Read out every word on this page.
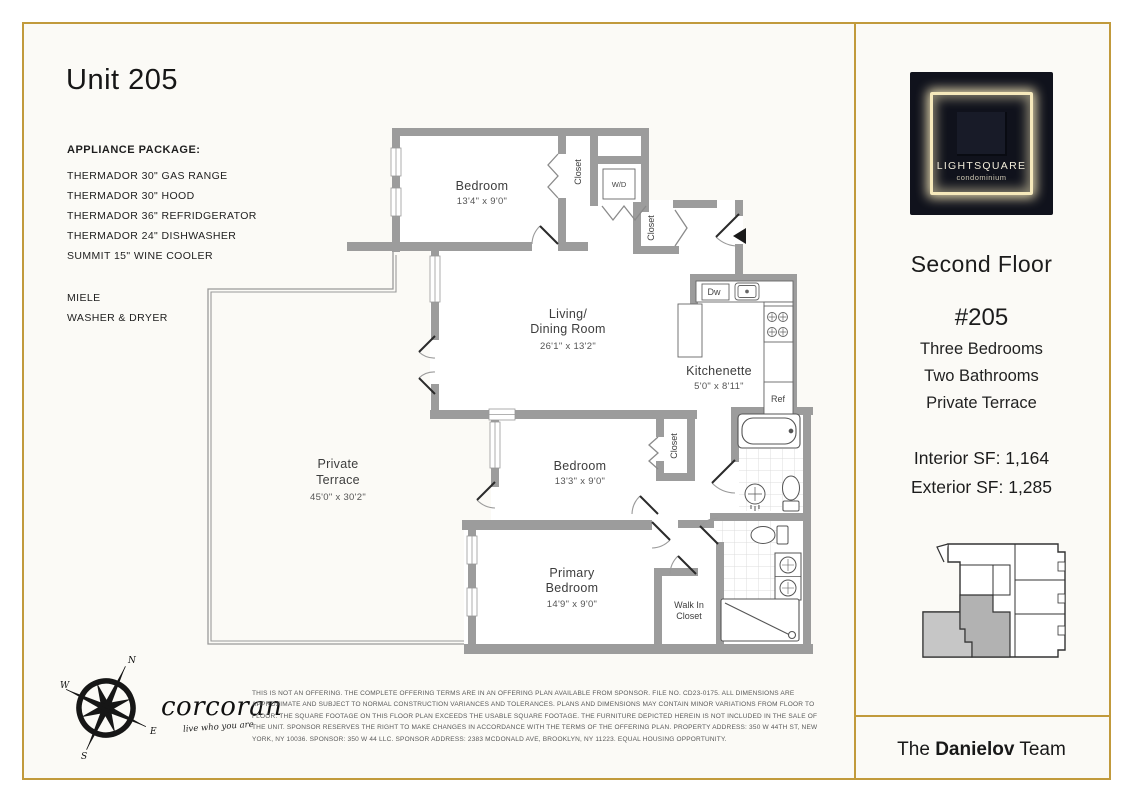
Unit 205
APPLIANCE PACKAGE:
THERMADOR 30" GAS RANGE
THERMADOR 30" HOOD
THERMADOR 36" REFRIDGERATOR
THERMADOR 24" DISHWASHER
SUMMIT 15" WINE COOLER
MIELE
WASHER & DRYER
Bedroom
13'4" x 9'0"
Living/
Dining Room
26'1" x 13'2"
Kitchenette
5'0" x 8'11"
Bedroom
13'3" x 9'0"
Primary
Bedroom
14'9" x 9'0"
Private
Terrace
45'0" x 30'2"
Walk In
Closet
Closet
Closet
Closet
W/D
Dw
Ref
N
S
W
E
corcoran
live who you are
THIS IS NOT AN OFFERING. THE COMPLETE OFFERING TERMS ARE IN AN OFFERING PLAN AVAILABLE FROM SPONSOR. FILE NO. CD23-0175. ALL DIMENSIONS ARE APPROXIMATE AND SUBJECT TO NORMAL CONSTRUCTION VARIANCES AND TOLERANCES. PLANS AND DIMENSIONS MAY CONTAIN MINOR VARIATIONS FROM FLOOR TO FLOOR. THE SQUARE FOOTAGE ON THIS FLOOR PLAN EXCEEDS THE USABLE SQUARE FOOTAGE. THE FURNITURE DEPICTED HEREIN IS NOT INCLUDED IN THE SALE OF THE UNIT. SPONSOR RESERVES THE RIGHT TO MAKE CHANGES IN ACCORDANCE WITH THE TERMS OF THE OFFERING PLAN. PROPERTY ADDRESS: 350 W 44TH ST, NEW YORK, NY 10036. SPONSOR: 350 W 44 LLC. SPONSOR ADDRESS: 2383 MCDONALD AVE, BROOKLYN, NY 11223. EQUAL HOUSING OPPORTUNITY.
LIGHTSQUARE
condominium
Second Floor
#205
Three Bedrooms
Two Bathrooms
Private Terrace
Interior SF: 1,164
Exterior SF: 1,285
The Danielov Team
